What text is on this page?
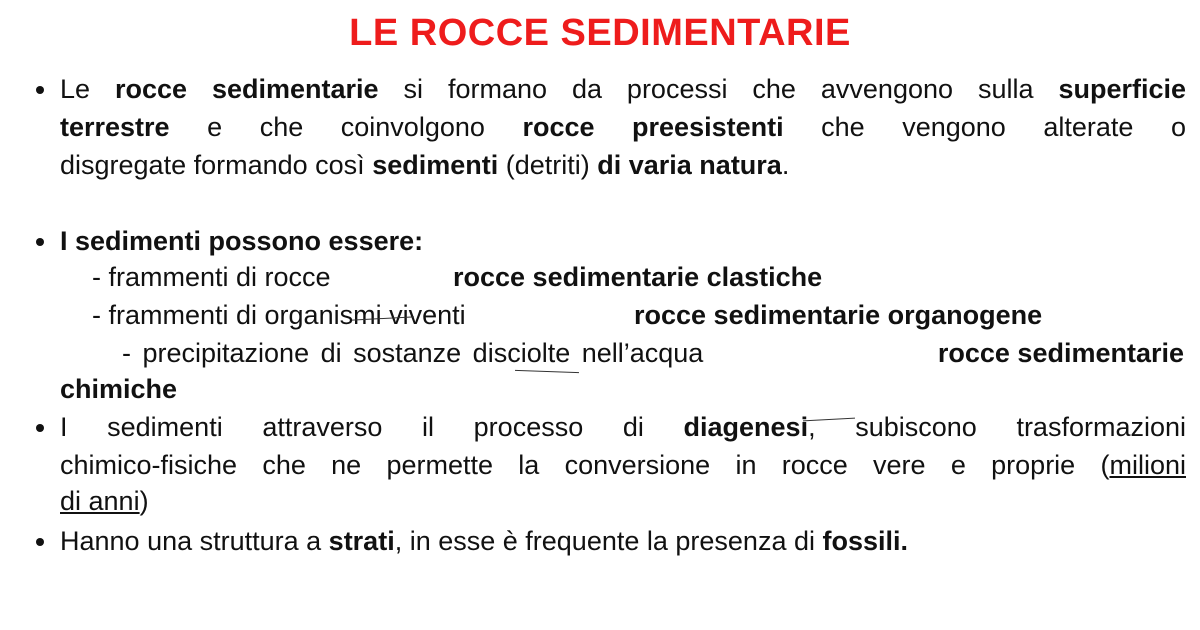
LE ROCCE SEDIMENTARIE
Le rocce sedimentarie si formano da processi che avvengono sulla superficie
terrestre e che coinvolgono rocce preesistenti che vengono alterate o
disgregate formando così sedimenti (detriti) di varia natura.
I sedimenti possono essere:
- frammenti di rocce	rocce sedimentarie clastiche
- frammenti di organismi viventi	rocce sedimentarie organogene
- precipitazione di sostanze disciolte nell’acqua	rocce sedimentarie
chimiche
I sedimenti attraverso il processo di diagenesi, subiscono trasformazioni
chimico-fisiche che ne permette la conversione in rocce vere e proprie (milioni
di anni)
Hanno una struttura a strati, in esse è frequente la presenza di fossili.
